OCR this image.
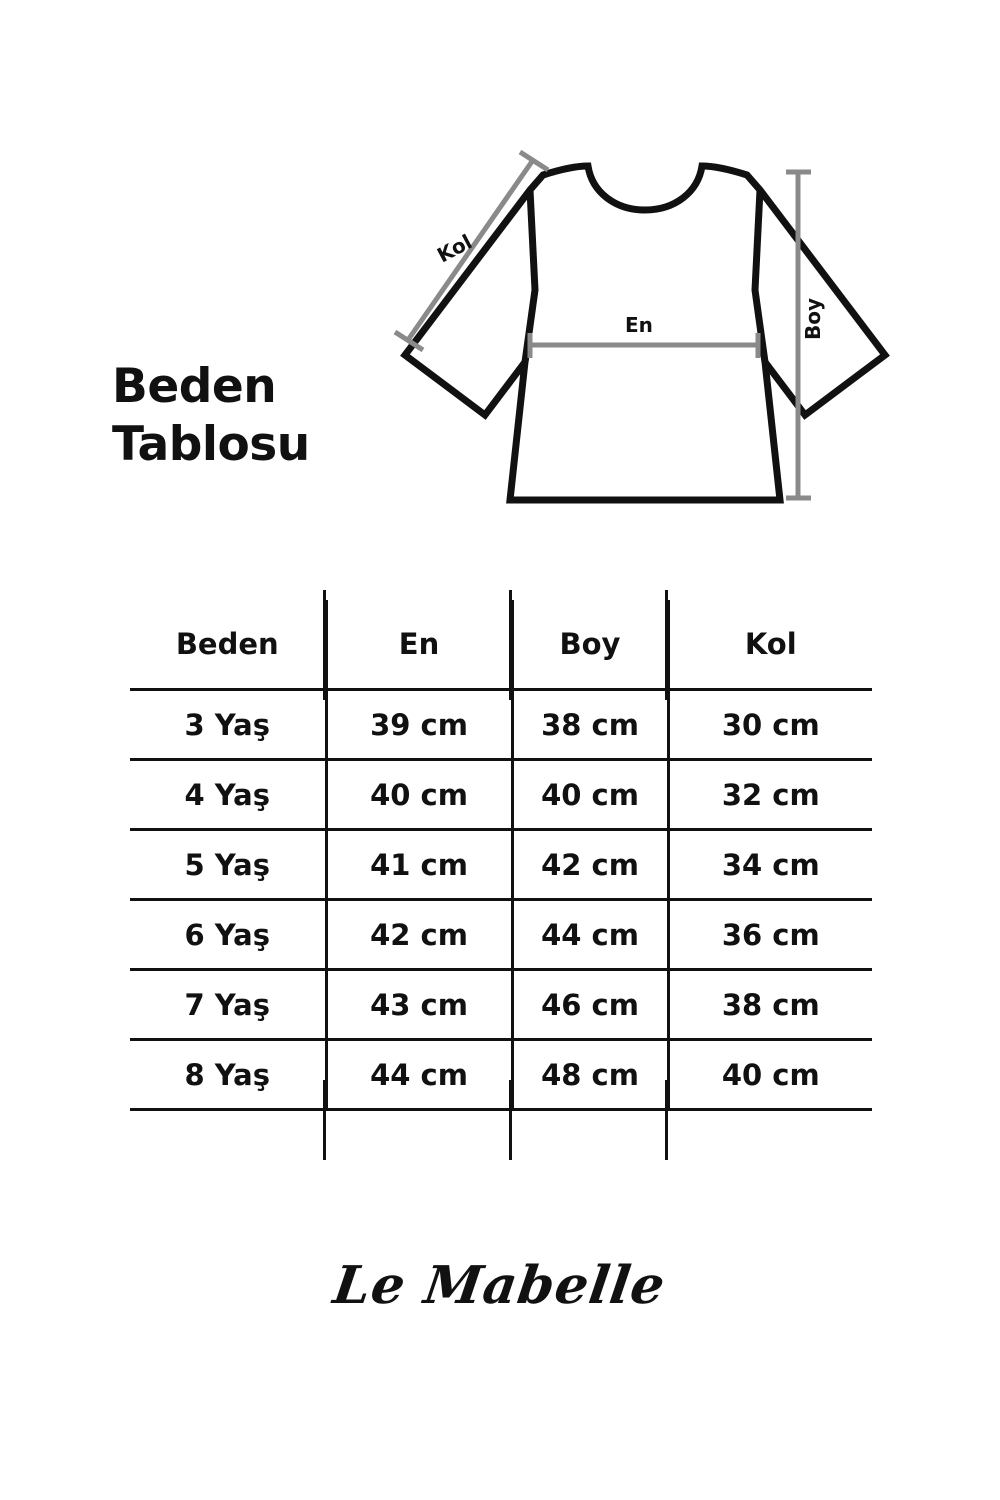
Beden
Tablosu
Kol
En	Boy
Beden	En	Boy	Kol
3 Yaş	39 cm	38 cm	30 cm
4 Yaş	40 cm	40 cm	32 cm
5 Yaş	41 cm	42 cm	34 cm
6 Yaş	42 cm	44 cm	36 cm
7 Yaş	43 cm	46 cm	38 cm
8 Yaş	44 cm	48 cm	40 cm
Le Mabelle
